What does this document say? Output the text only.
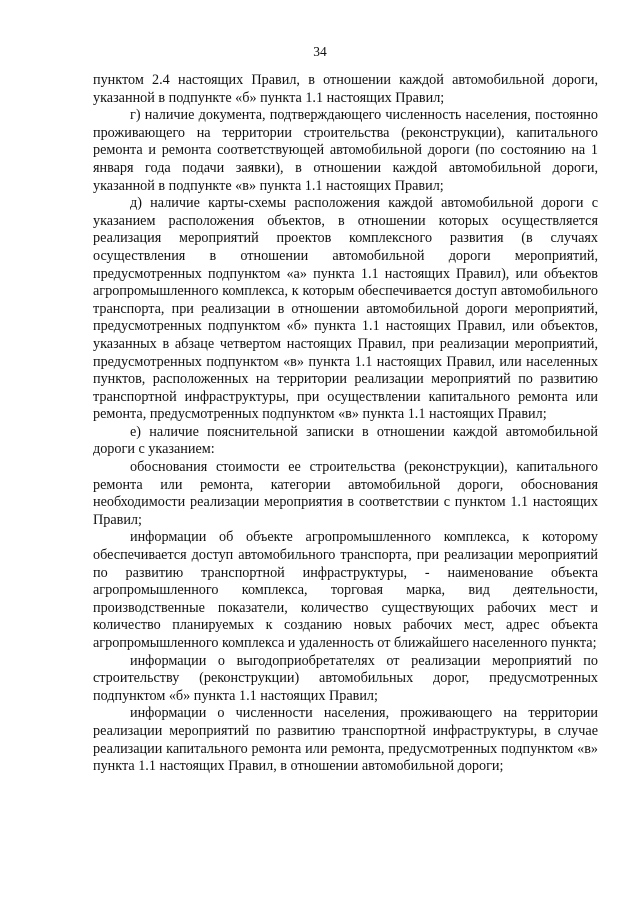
34

пунктом 2.4 настоящих Правил, в отношении каждой автомобильной дороги, указанной в подпункте «б» пункта 1.1 настоящих Правил;

г) наличие документа, подтверждающего численность населения, постоянно проживающего на территории строительства (реконструкции), капитального ремонта и ремонта соответствующей автомобильной дороги (по состоянию на 1 января года подачи заявки), в отношении каждой автомобильной дороги, указанной в подпункте «в» пункта 1.1 настоящих Правил;

д) наличие карты-схемы расположения каждой автомобильной дороги с указанием расположения объектов, в отношении которых осуществляется реализация мероприятий проектов комплексного развития (в случаях осуществления в отношении автомобильной дороги мероприятий, предусмотренных подпунктом «а» пункта 1.1 настоящих Правил), или объектов агропромышленного комплекса, к которым обеспечивается доступ автомобильного транспорта, при реализации в отношении автомобильной дороги мероприятий, предусмотренных подпунктом «б» пункта 1.1 настоящих Правил, или объектов, указанных в абзаце четвертом настоящих Правил, при реализации мероприятий, предусмотренных подпунктом «в» пункта 1.1 настоящих Правил, или населенных пунктов, расположенных на территории реализации мероприятий по развитию транспортной инфраструктуры, при осуществлении капитального ремонта или ремонта, предусмотренных подпунктом «в» пункта 1.1 настоящих Правил;

е) наличие пояснительной записки в отношении каждой автомобильной дороги с указанием:

обоснования стоимости ее строительства (реконструкции), капитального ремонта или ремонта, категории автомобильной дороги, обоснования необходимости реализации мероприятия в соответствии с пунктом 1.1 настоящих Правил;

информации об объекте агропромышленного комплекса, к которому обеспечивается доступ автомобильного транспорта, при реализации мероприятий по развитию транспортной инфраструктуры, - наименование объекта агропромышленного комплекса, торговая марка, вид деятельности, производственные показатели, количество существующих рабочих мест и количество планируемых к созданию новых рабочих мест, адрес объекта агропромышленного комплекса и удаленность от ближайшего населенного пункта;

информации о выгодоприобретателях от реализации мероприятий по строительству (реконструкции) автомобильных дорог, предусмотренных подпунктом «б» пункта 1.1 настоящих Правил;

информации о численности населения, проживающего на территории реализации мероприятий по развитию транспортной инфраструктуры, в случае реализации капитального ремонта или ремонта, предусмотренных подпунктом «в» пункта 1.1 настоящих Правил, в отношении автомобильной дороги;
